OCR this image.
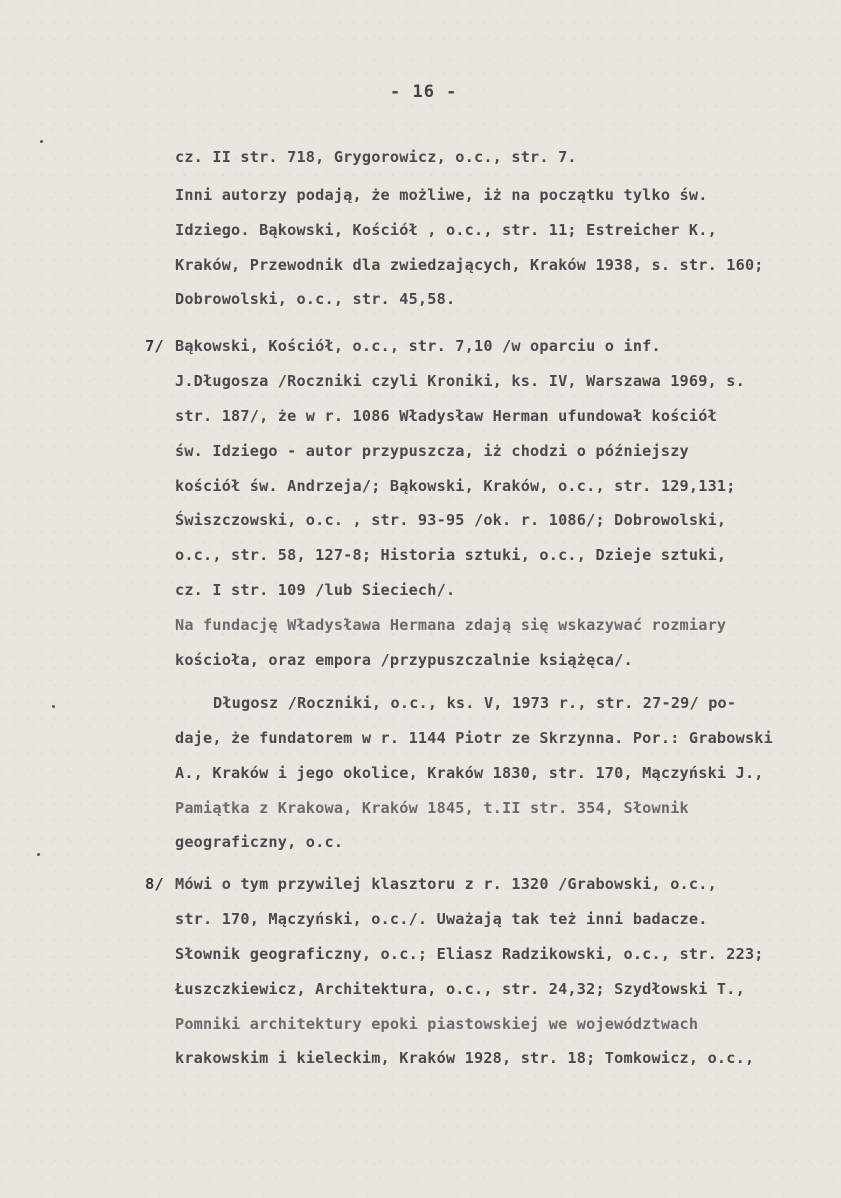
- 16 -
cz. II str. 718, Grygorowicz, o.c., str. 7.
Inni autorzy podają, że możliwe, iż na początku tylko św.
Idziego. Bąkowski, Kościół , o.c., str. 11; Estreicher K.,
Kraków, Przewodnik dla zwiedzających, Kraków 1938, s. str. 160;
Dobrowolski, o.c., str. 45,58.
7/ Bąkowski, Kościół, o.c., str. 7,10 /w oparciu o inf.
J.Długosza /Roczniki czyli Kroniki, ks. IV, Warszawa 1969, s.
str. 187/, że w r. 1086 Władysław Herman ufundował kościół
św. Idziego - autor przypuszcza, iż chodzi o późniejszy
kościół św. Andrzeja/; Bąkowski, Kraków, o.c., str. 129,131;
Świszczowski, o.c. , str. 93-95 /ok. r. 1086/; Dobrowolski,
o.c., str. 58, 127-8; Historia sztuki, o.c., Dzieje sztuki,
cz. I str. 109 /lub Sieciech/.
Na fundację Władysława Hermana zdają się wskazywać rozmiary
kościoła, oraz empora /przypuszczalnie książęca/.
Długosz /Roczniki, o.c., ks. V, 1973 r., str. 27-29/ po-
daje, że fundatorem w r. 1144 Piotr ze Skrzynna. Por.: Grabowski
A., Kraków i jego okolice, Kraków 1830, str. 170, Mączyński J.,
Pamiątka z Krakowa, Kraków 1845, t.II str. 354, Słownik
geograficzny, o.c.
8/ Mówi o tym przywilej klasztoru z r. 1320 /Grabowski, o.c.,
str. 170, Mączyński, o.c./. Uważają tak też inni badacze.
Słownik geograficzny, o.c.; Eliasz Radzikowski, o.c., str. 223;
Łuszczkiewicz, Architektura, o.c., str. 24,32; Szydłowski T.,
Pomniki architektury epoki piastowskiej we województwach
krakowskim i kieleckim, Kraków 1928, str. 18; Tomkowicz, o.c.,
